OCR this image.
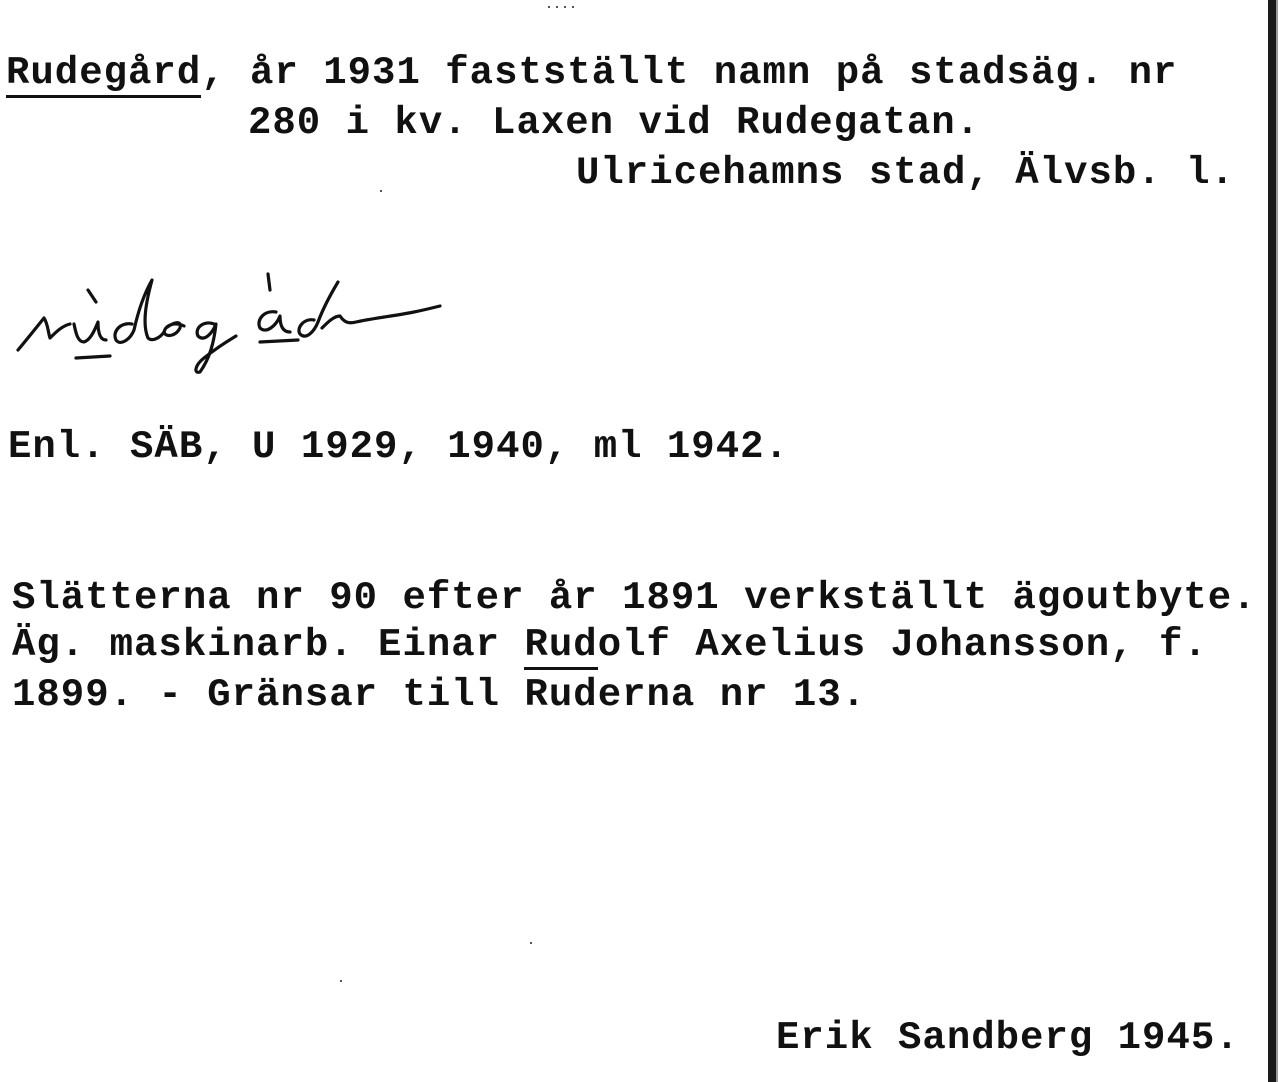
Rudegård, år 1931 fastställt namn på stadsäg. nr
280 i kv. Laxen vid Rudegatan.
Ulricehamns stad, Älvsb. l.
Enl. SÄB, U 1929, 1940, ml 1942.
Slätterna nr 90 efter år 1891 verkställt ägoutbyte.
Äg. maskinarb. Einar Rudolf Axelius Johansson, f.
1899. - Gränsar till Ruderna nr 13.
Erik Sandberg 1945.
